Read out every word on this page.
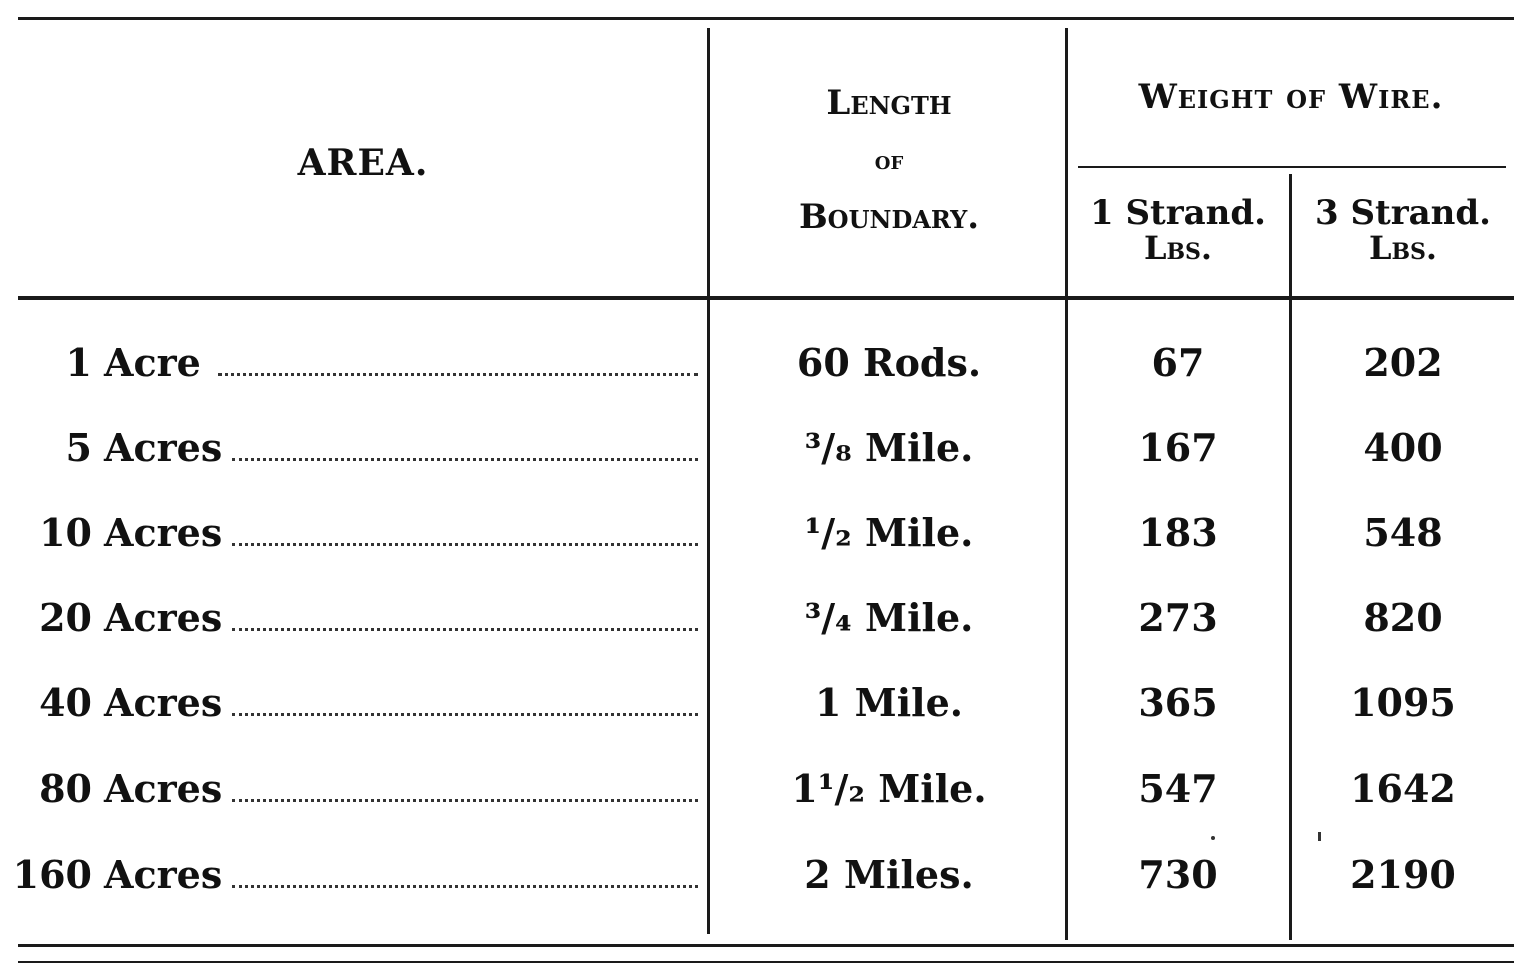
AREA.
Length
of
Boundary.
Weight of Wire.
1 Strand.
Lbs.
3 Strand.
Lbs.
1 Acre	60 Rods.	67	202
5 Acres	³/₈ Mile.	167	400
10 Acres	¹/₂ Mile.	183	548
20 Acres	³/₄ Mile.	273	820
40 Acres	1 Mile.	365	1095
80 Acres	1¹/₂ Mile.	547	1642
160 Acres	2 Miles.	730	2190
